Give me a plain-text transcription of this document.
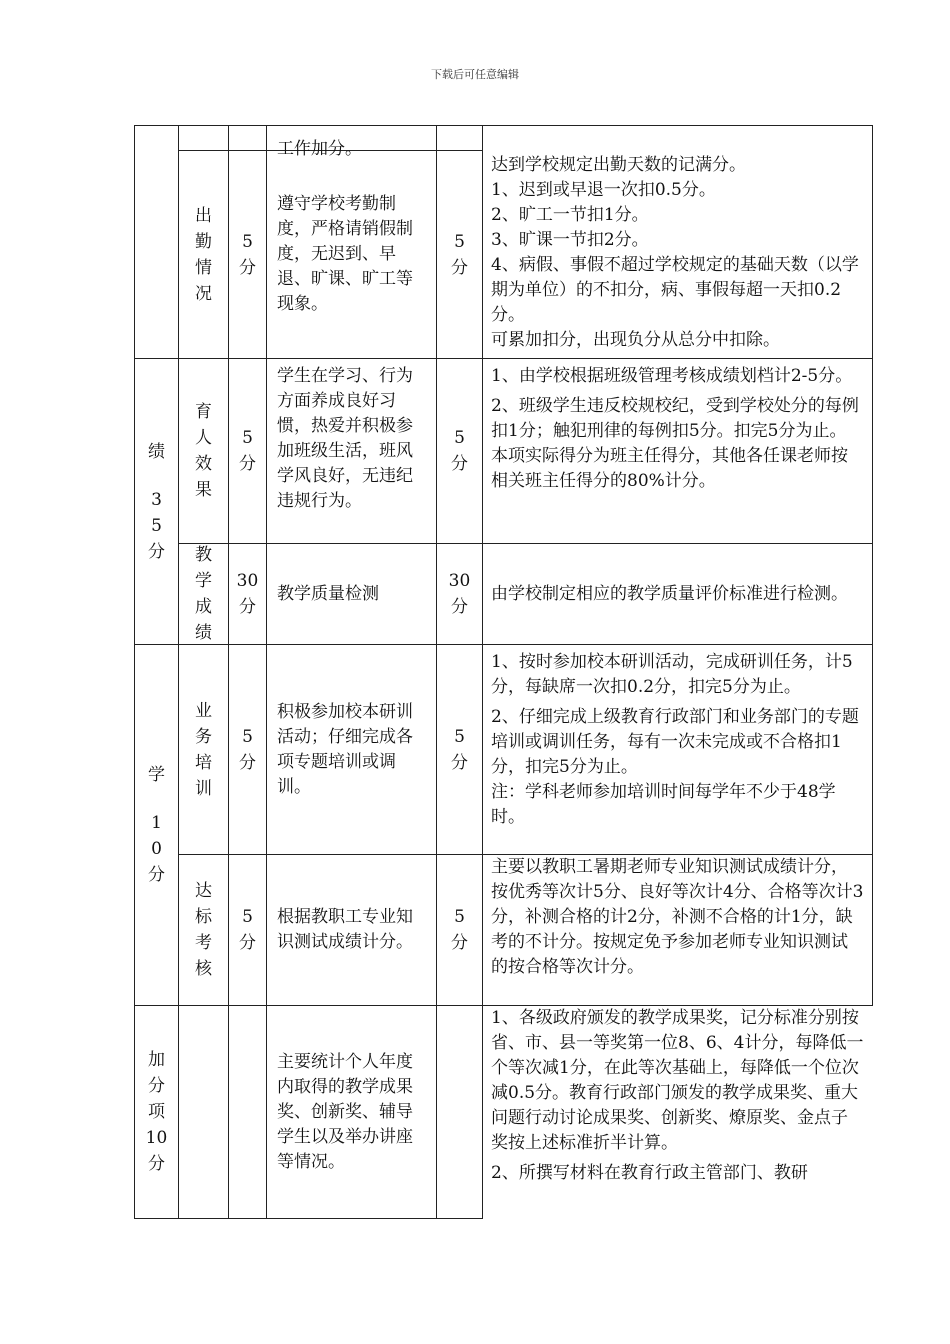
下载后可任意编辑
工作加分。
出勤情况
5分
遵守学校考勤制度，严格请销假制度，无迟到、早退、旷课、旷工等现象。
5分

达到学校规定出勤天数的记满分。

1、迟到或早退一次扣0.5分。

2、旷工一节扣1分。

3、旷课一节扣2分。

4、病假、事假不超过学校规定的基础天数（以学期为单位）的不扣分，病、事假每超一天扣0.2分。

可累加扣分，出现负分从总分中扣除。

绩
35分
育人效果
5分
学生在学习、行为方面养成良好习惯，热爱并积极参加班级生活，班风学风良好，无违纪违规行为。
5分

1、由学校根据班级管理考核成绩划档计2-5分。

2、班级学生违反校规校纪，受到学校处分的每例扣1分；触犯刑律的每例扣5分。扣完5分为止。

本项实际得分为班主任得分，其他各任课老师按相关班主任得分的80%计分。

教学成绩
30分
教学质量检测
30分

由学校制定相应的教学质量评价标准进行检测。

学
10分
业务培训
5分
积极参加校本研训活动；仔细完成各项专题培训或调训。
5分

1、按时参加校本研训活动，完成研训任务，计5分，每缺席一次扣0.2分，扣完5分为止。

2、仔细完成上级教育行政部门和业务部门的专题培训或调训任务，每有一次未完成或不合格扣1分，扣完5分为止。

注：学科老师参加培训时间每学年不少于48学时。

达标考核
5分
根据教职工专业知识测试成绩计分。
5分

主要以教职工暑期老师专业知识测试成绩计分，按优秀等次计5分、良好等次计4分、合格等次计3分，补测合格的计2分，补测不合格的计1分，缺考的不计分。按规定免予参加老师专业知识测试的按合格等次计分。

加分项10分
主要统计个人年度内取得的教学成果奖、创新奖、辅导学生以及举办讲座等情况。

1、各级政府颁发的教学成果奖，记分标准分别按省、市、县一等奖第一位8、6、4计分，每降低一个等次减1分，在此等次基础上，每降低一个位次减0.5分。教育行政部门颁发的教学成果奖、重大问题行动讨论成果奖、创新奖、燎原奖、金点子奖按上述标准折半计算。

2、所撰写材料在教育行政主管部门、教研
